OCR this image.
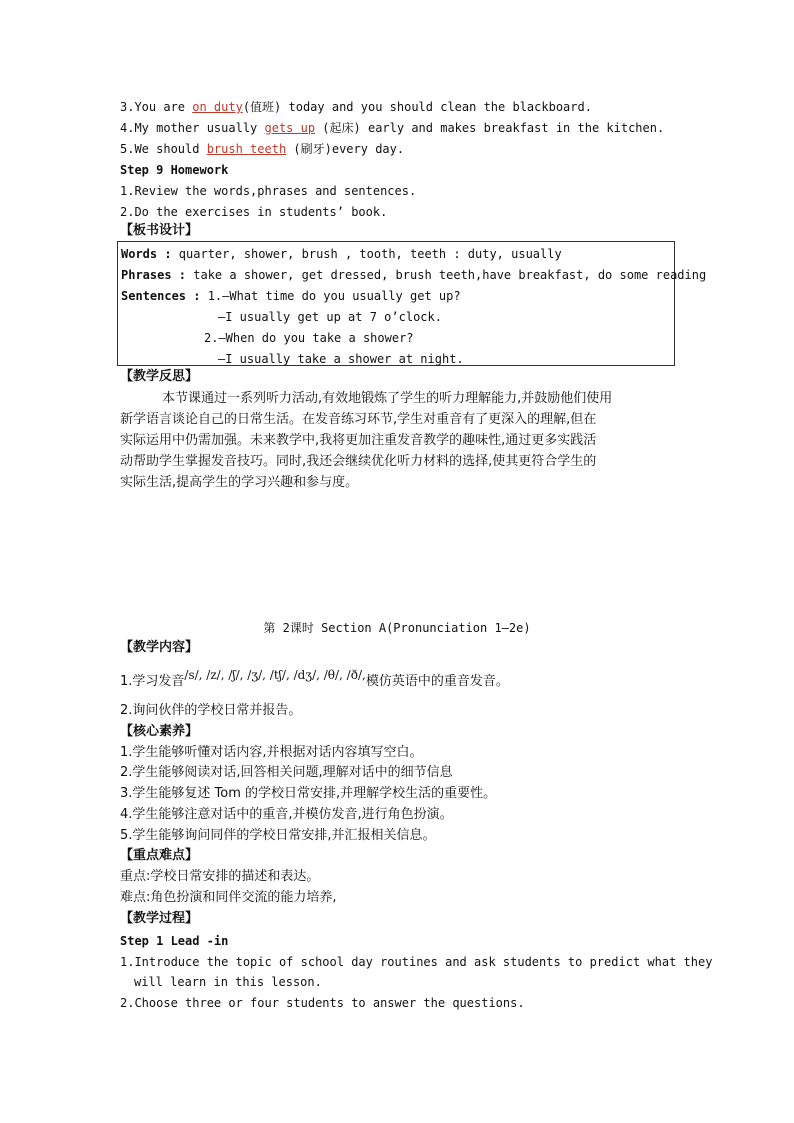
3.You are on duty(值班) today and you should clean the blackboard.
4.My mother usually gets up (起床) early and makes breakfast in the kitchen.
5.We should brush teeth (刷牙)every day.
Step 9 Homework
1.Review the words,phrases and sentences.
2.Do the exercises in students’ book.
【板书设计】
Words : quarter, shower, brush , tooth, teeth : duty, usually
Phrases : take a shower, get dressed, brush teeth,have breakfast, do some reading
Sentences : 1.—What time do you usually get up?
—I usually get up at 7 o’clock.
2.—When do you take a shower?
—I usually take a shower at night.
【教学反思】

本节课通过一系列听力活动,有效地锻炼了学生的听力理解能力,并鼓励他们使用

新学语言谈论自己的日常生活。在发音练习环节,学生对重音有了更深入的理解,但在

实际运用中仍需加强。未来教学中,我将更加注重发音教学的趣味性,通过更多实践活

动帮助学生掌握发音技巧。同时,我还会继续优化听力材料的选择,使其更符合学生的

实际生活,提高学生的学习兴趣和参与度。

第 2课时 Section A(Pronunciation 1—2e)
【教学内容】
1.学习发音/s/, /z/, /ʃ/, /ʒ/, /tʃ/, /dʒ/, /θ/, /ð/,模仿英语中的重音发音。
2.询问伙伴的学校日常并报告。
【核心素养】
1.学生能够听懂对话内容,并根据对话内容填写空白。
2.学生能够阅读对话,回答相关问题,理解对话中的细节信息
3.学生能够复述 Tom 的学校日常安排,并理解学校生活的重要性。
4.学生能够注意对话中的重音,并模仿发音,进行角色扮演。
5.学生能够询问同伴的学校日常安排,并汇报相关信息。
【重点难点】
重点:学校日常安排的描述和表达。
难点:角色扮演和同伴交流的能力培养,
【教学过程】
Step 1 Lead -in
1.Introduce the topic of school day routines and ask students to predict what they
will learn in this lesson.
2.Choose three or four students to answer the questions.
